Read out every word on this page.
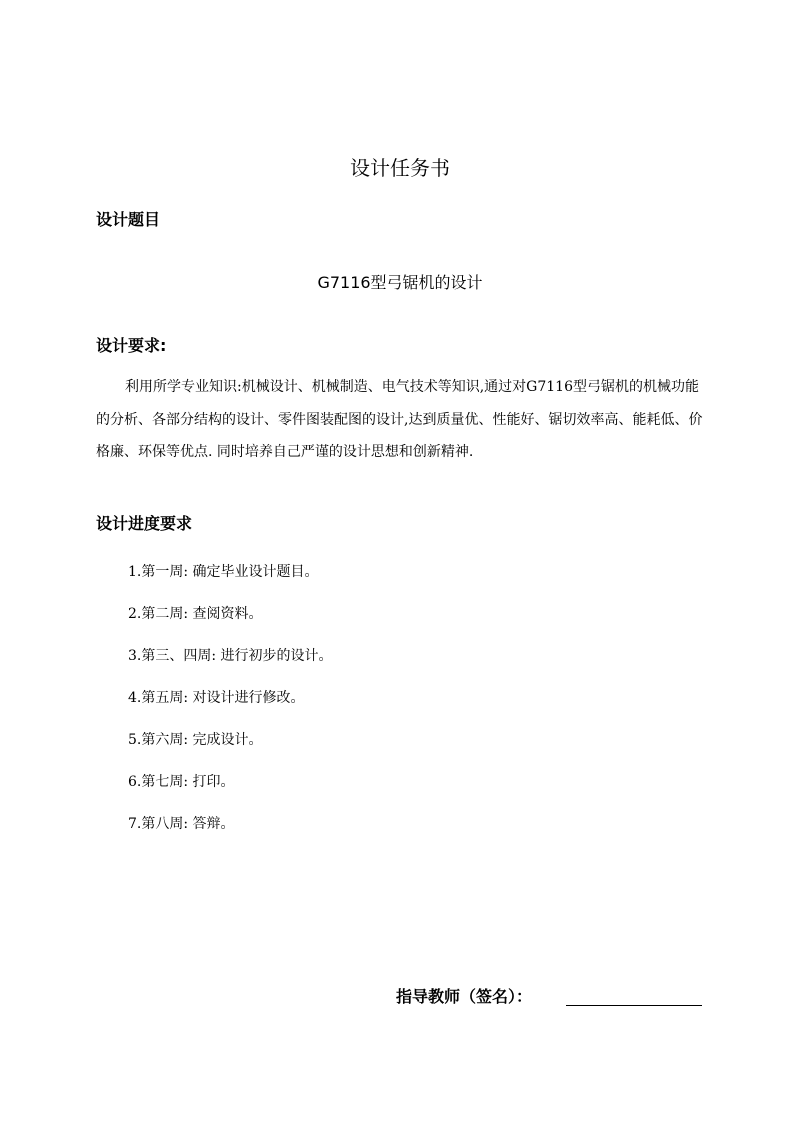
设计任务书
设计题目
G7116型弓锯机的设计
设计要求:

利用所学专业知识:机械设计、机械制造、电气技术等知识,通过对G7116型弓锯机的机械功能的分析、各部分结构的设计、零件图装配图的设计,达到质量优、性能好、锯切效率高、能耗低、价格廉、环保等优点. 同时培养自己严谨的设计思想和创新精神.

设计进度要求
1.第一周: 确定毕业设计题目。
2.第二周: 查阅资料。
3.第三、四周: 进行初步的设计。
4.第五周: 对设计进行修改。
5.第六周: 完成设计。
6.第七周: 打印。
7.第八周: 答辩。
指导教师（签名）：
